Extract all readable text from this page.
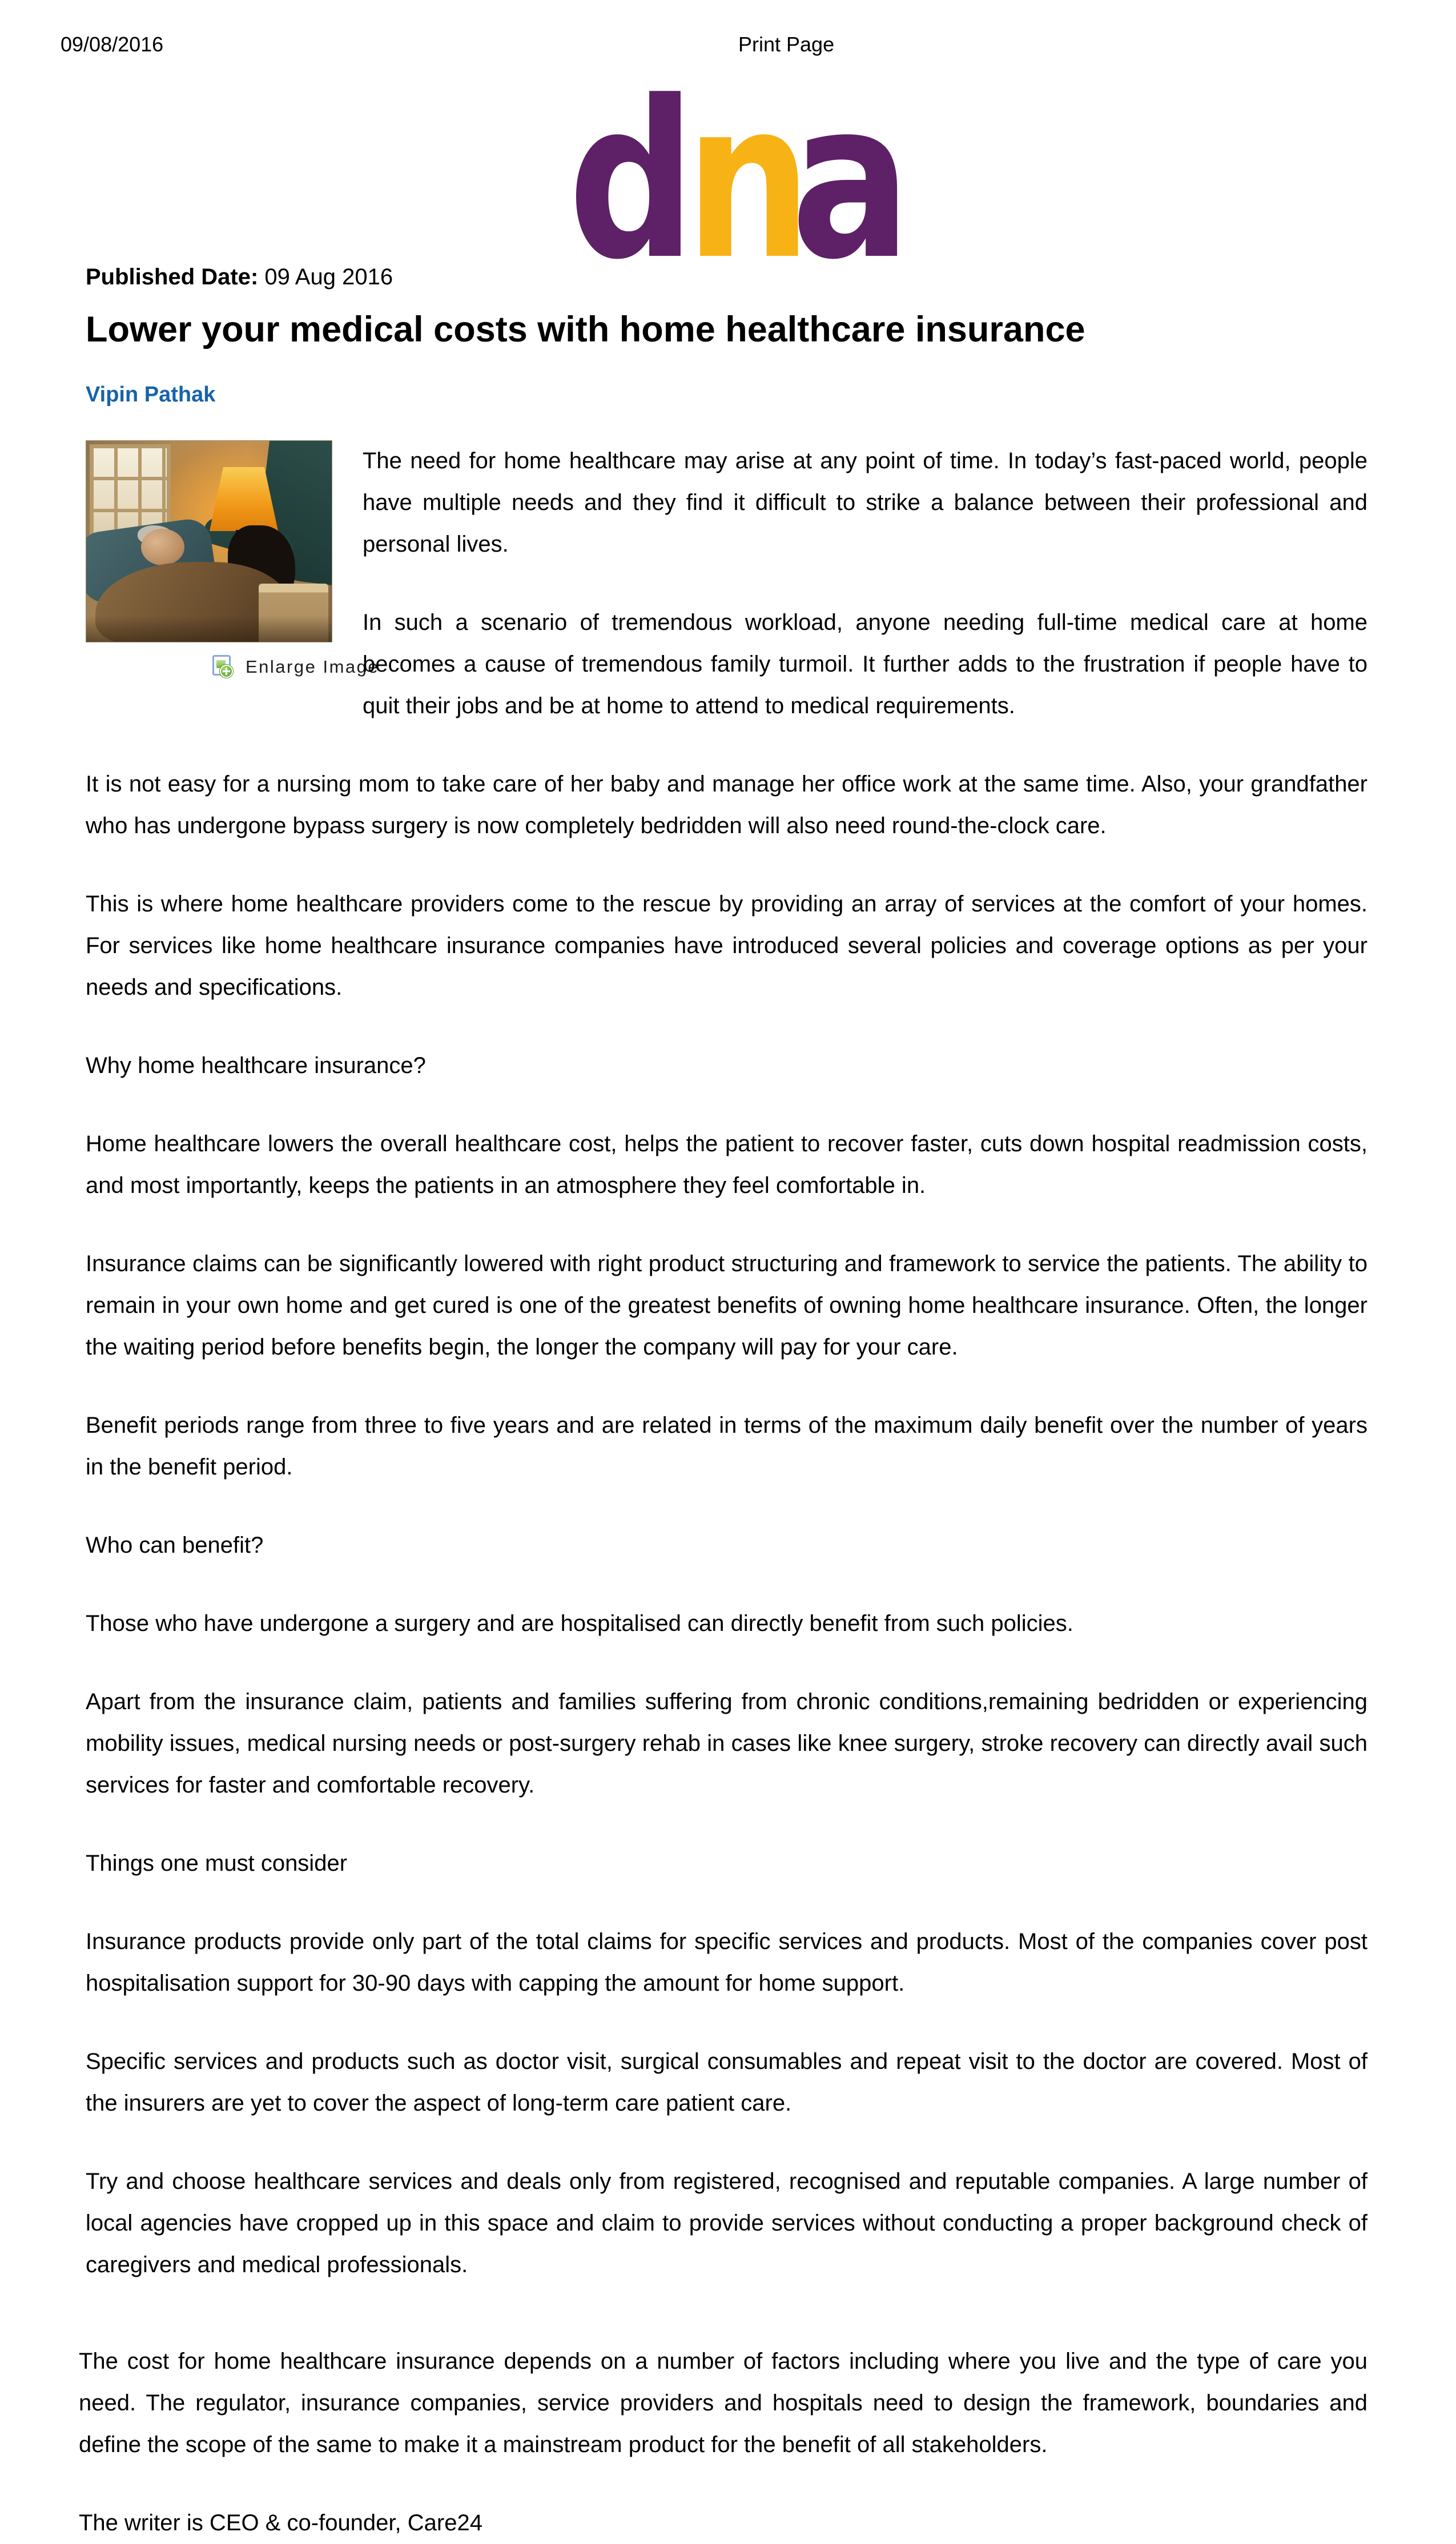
09/08/2016	Print Page
n
d a

Published Date: 09 Aug 2016

Lower your medical costs with home healthcare insurance
Vipin Pathak
Enlarge Image

The need for home healthcare may arise at any point of time. In today’s fast-paced world, people have multiple needs and they find it difficult to strike a balance between their professional and personal lives.

In such a scenario of tremendous workload, anyone needing full-time medical care at home becomes a cause of tremendous family turmoil. It further adds to the frustration if people have to quit their jobs and be at home to attend to medical requirements.

It is not easy for a nursing mom to take care of her baby and manage her office work at the same time. Also, your grandfather who has undergone bypass surgery is now completely bedridden will also need round-the-clock care.

This is where home healthcare providers come to the rescue by providing an array of services at the comfort of your homes. For services like home healthcare insurance companies have introduced several policies and coverage options as per your needs and specifications.

Why home healthcare insurance?

Home healthcare lowers the overall healthcare cost, helps the patient to recover faster, cuts down hospital readmission costs, and most importantly, keeps the patients in an atmosphere they feel comfortable in.

Insurance claims can be significantly lowered with right product structuring and framework to service the patients. The ability to remain in your own home and get cured is one of the greatest benefits of owning home healthcare insurance. Often, the longer the waiting period before benefits begin, the longer the company will pay for your care.

Benefit periods range from three to five years and are related in terms of the maximum daily benefit over the number of years in the benefit period.

Who can benefit?

Those who have undergone a surgery and are hospitalised can directly benefit from such policies.

Apart from the insurance claim, patients and families suffering from chronic conditions,remaining bedridden or experiencing mobility issues, medical nursing needs or post-surgery rehab in cases like knee surgery, stroke recovery can directly avail such services for faster and comfortable recovery.

Things one must consider

Insurance products provide only part of the total claims for specific services and products. Most of the companies cover post hospitalisation support for 30-90 days with capping the amount for home support.

Specific services and products such as doctor visit, surgical consumables and repeat visit to the doctor are covered. Most of the insurers are yet to cover the aspect of long-term care patient care.

Try and choose healthcare services and deals only from registered, recognised and reputable companies. A large number of local agencies have cropped up in this space and claim to provide services without conducting a proper background check of caregivers and medical professionals.

The cost for home healthcare insurance depends on a number of factors including where you live and the type of care you need. The regulator, insurance companies, service providers and hospitals need to design the framework, boundaries and define the scope of the same to make it a mainstream product for the benefit of all stakeholders.

The writer is CEO & co-founder, Care24
